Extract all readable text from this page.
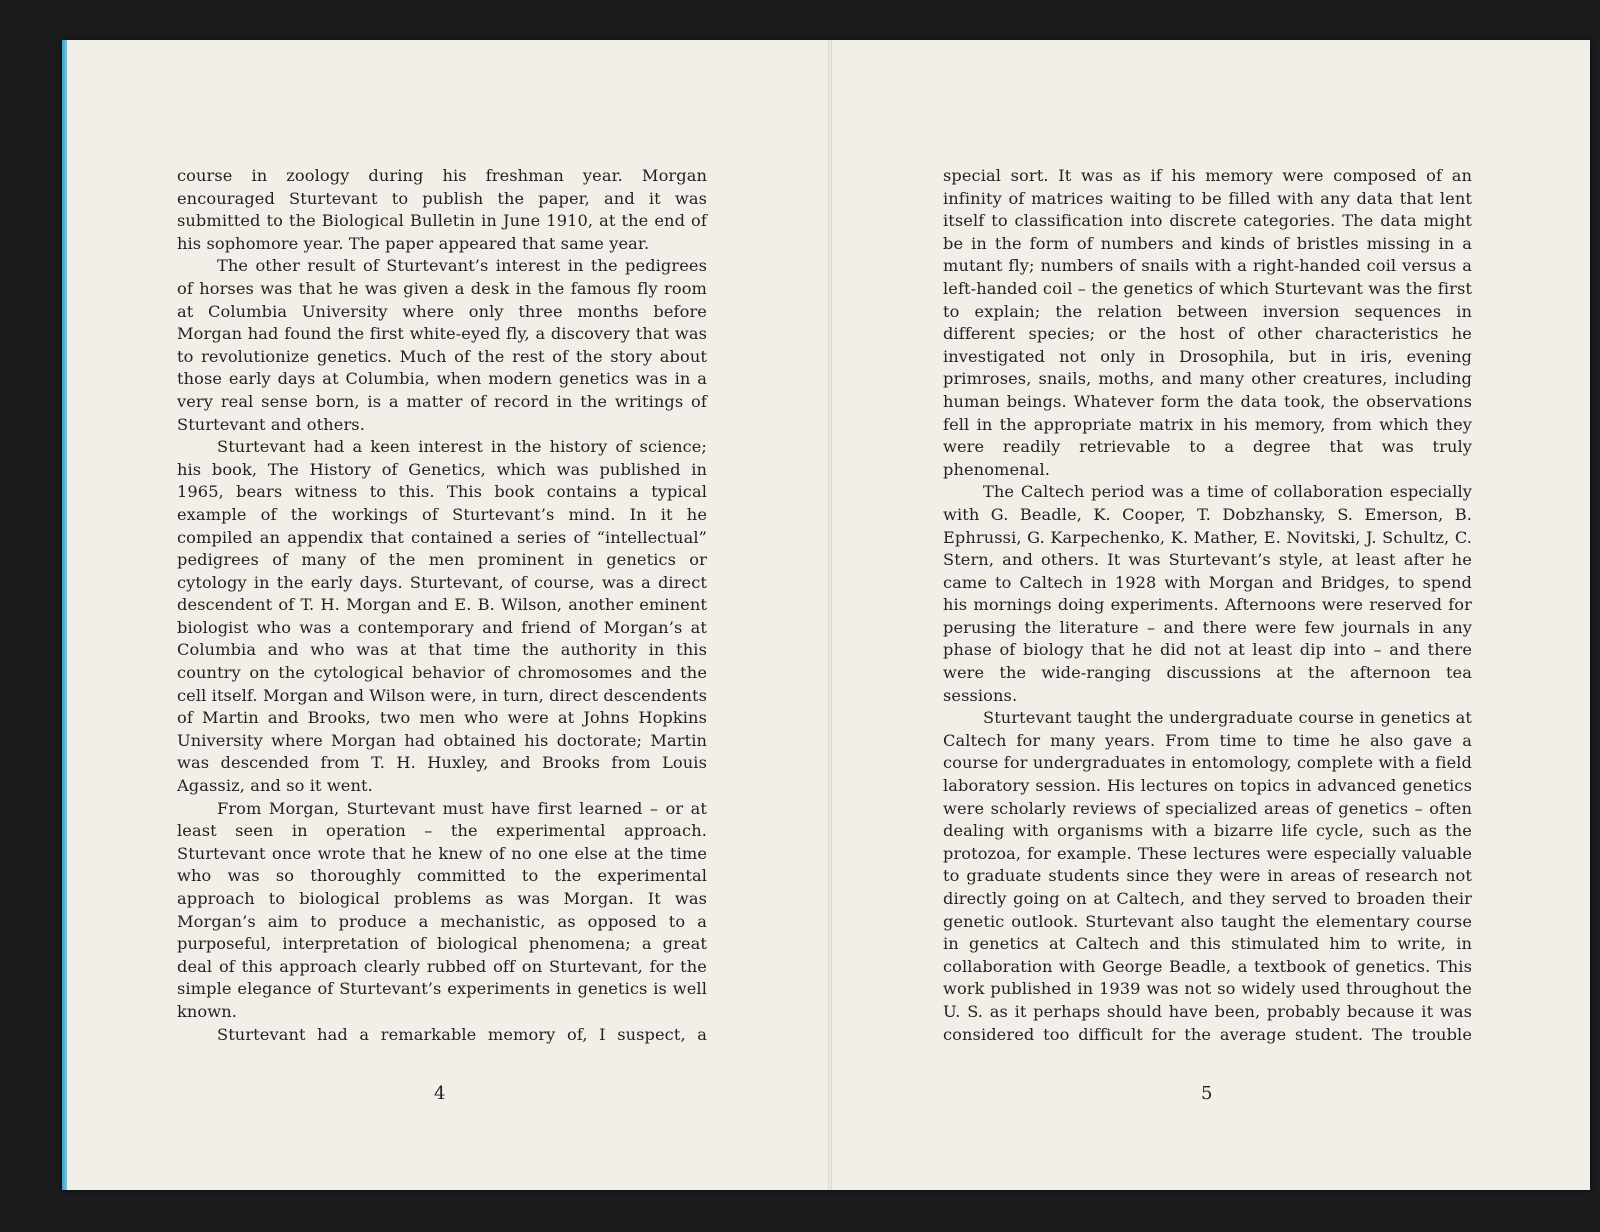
course in zoology during his freshman year. Morgan encouraged Sturtevant to publish the paper, and it was submitted to the Biological Bulletin in June 1910, at the end of his sophomore year. The paper appeared that same year.

The other result of Sturtevant’s interest in the pedigrees of horses was that he was given a desk in the famous fly room at Columbia University where only three months before Morgan had found the first white-eyed fly, a discovery that was to revolutionize genetics. Much of the rest of the story about those early days at Columbia, when modern genetics was in a very real sense born, is a matter of record in the writings of Sturtevant and others.

Sturtevant had a keen interest in the history of science; his book, The History of Genetics, which was published in 1965, bears witness to this. This book contains a typical example of the workings of Sturtevant’s mind. In it he compiled an appendix that contained a series of “intellectual” pedigrees of many of the men prominent in genetics or cytology in the early days. Sturtevant, of course, was a direct descendent of T. H. Morgan and E. B. Wilson, another eminent biologist who was a contemporary and friend of Morgan’s at Columbia and who was at that time the authority in this country on the cytological behavior of chromosomes and the cell itself. Morgan and Wilson were, in turn, direct descendents of Martin and Brooks, two men who were at Johns Hopkins University where Morgan had obtained his doctorate; Martin was descended from T. H. Huxley, and Brooks from Louis Agassiz, and so it went.

From Morgan, Sturtevant must have first learned – or at least seen in operation – the experimental approach. Sturtevant once wrote that he knew of no one else at the time who was so thoroughly committed to the experimental approach to biological problems as was Morgan. It was Morgan’s aim to produce a mechanistic, as opposed to a purposeful, interpretation of biological phenomena; a great deal of this approach clearly rubbed off on Sturtevant, for the simple elegance of Sturtevant’s experiments in genetics is well known.

Sturtevant had a remarkable memory of, I suspect, a

4

special sort. It was as if his memory were composed of an infinity of matrices waiting to be filled with any data that lent itself to classification into discrete categories. The data might be in the form of numbers and kinds of bristles missing in a mutant fly; numbers of snails with a right-handed coil versus a left-handed coil – the genetics of which Sturtevant was the first to explain; the relation between inversion sequences in different species; or the host of other characteristics he investigated not only in Drosophila, but in iris, evening primroses, snails, moths, and many other creatures, including human beings. Whatever form the data took, the observations fell in the appropriate matrix in his memory, from which they were readily retrievable to a degree that was truly phenomenal.

The Caltech period was a time of collaboration especially with G. Beadle, K. Cooper, T. Dobzhansky, S. Emerson, B. Ephrussi, G. Karpechenko, K. Mather, E. Novitski, J. Schultz, C. Stern, and others. It was Sturtevant’s style, at least after he came to Caltech in 1928 with Morgan and Bridges, to spend his mornings doing experiments. Afternoons were reserved for perusing the literature – and there were few journals in any phase of biology that he did not at least dip into – and there were the wide-ranging discussions at the afternoon tea sessions.

Sturtevant taught the undergraduate course in genetics at Caltech for many years. From time to time he also gave a course for undergraduates in entomology, complete with a field laboratory session. His lectures on topics in advanced genetics were scholarly reviews of specialized areas of genetics – often dealing with organisms with a bizarre life cycle, such as the protozoa, for example. These lectures were especially valuable to graduate students since they were in areas of research not directly going on at Caltech, and they served to broaden their genetic outlook. Sturtevant also taught the elementary course in genetics at Caltech and this stimulated him to write, in collaboration with George Beadle, a textbook of genetics. This work published in 1939 was not so widely used throughout the U. S. as it perhaps should have been, probably because it was considered too difficult for the average student. The trouble

5
